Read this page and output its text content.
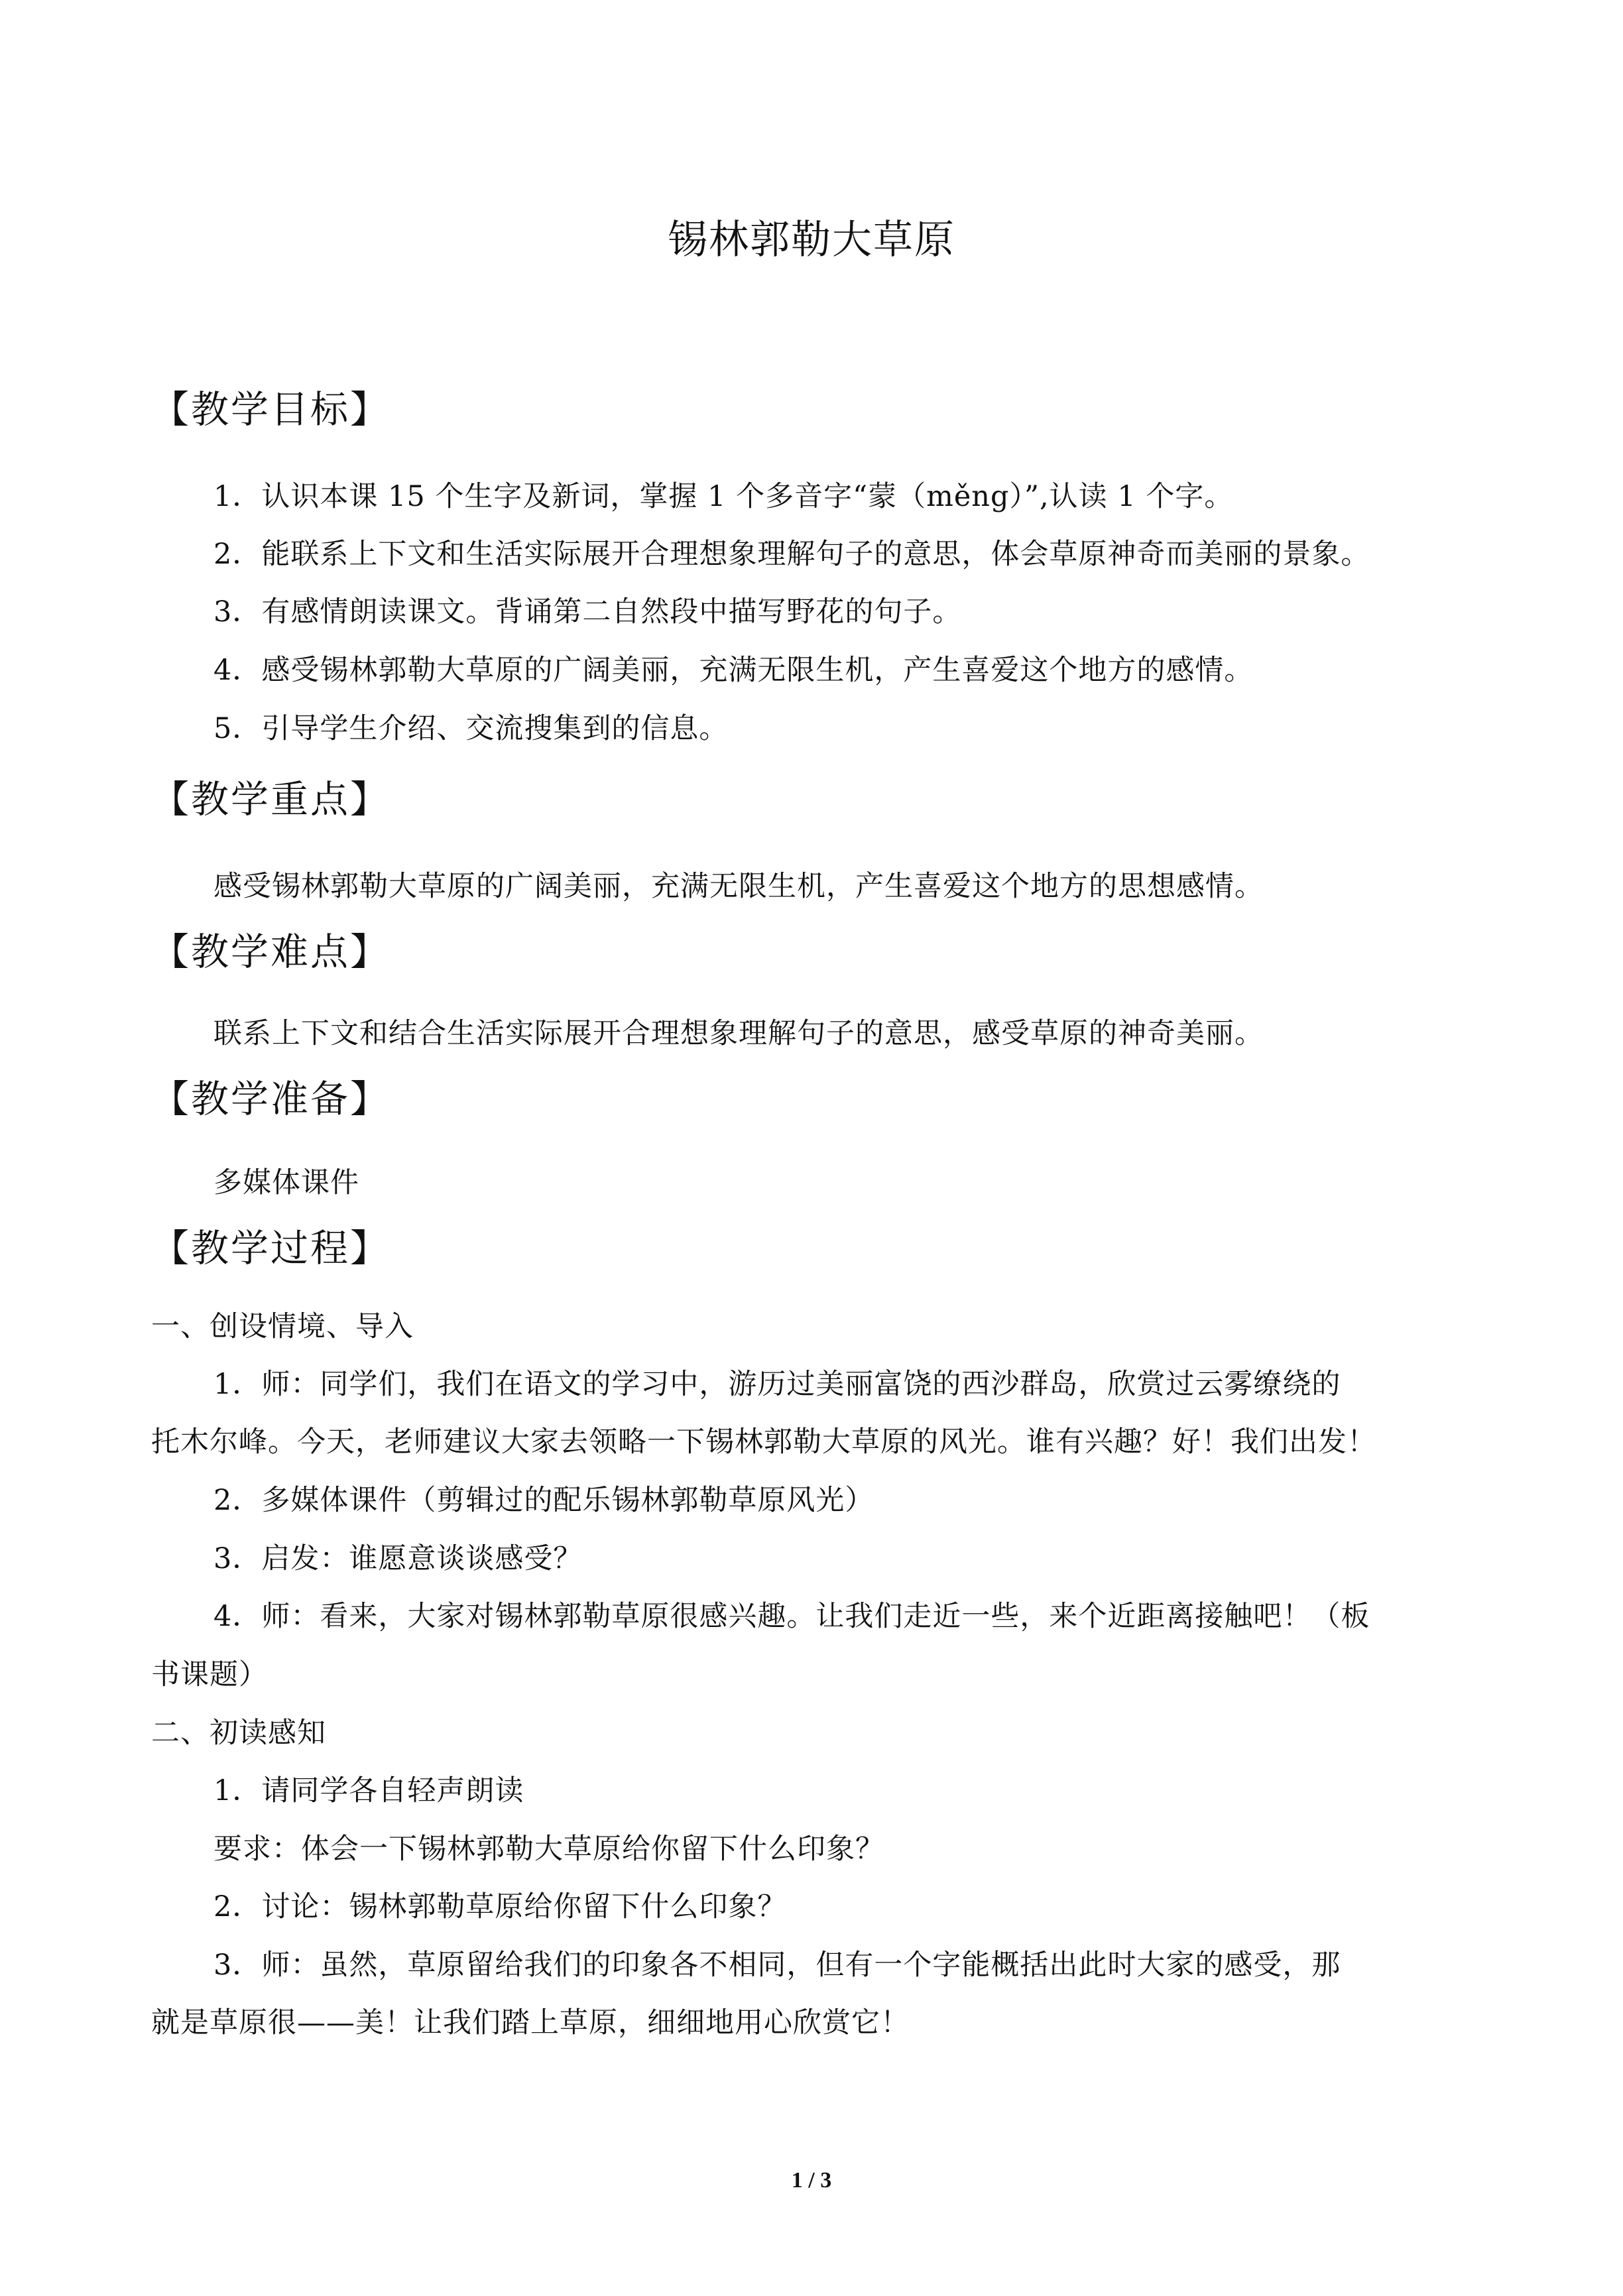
锡林郭勒大草原
【教学目标】
1．认识本课 15 个生字及新词，掌握 1 个多音字“蒙（měng）”,认读 1 个字。
2．能联系上下文和生活实际展开合理想象理解句子的意思，体会草原神奇而美丽的景象。
3．有感情朗读课文。背诵第二自然段中描写野花的句子。
4．感受锡林郭勒大草原的广阔美丽，充满无限生机，产生喜爱这个地方的感情。
5．引导学生介绍、交流搜集到的信息。
【教学重点】
感受锡林郭勒大草原的广阔美丽，充满无限生机，产生喜爱这个地方的思想感情。
【教学难点】
联系上下文和结合生活实际展开合理想象理解句子的意思，感受草原的神奇美丽。
【教学准备】
多媒体课件
【教学过程】
一、创设情境、导入
1．师：同学们，我们在语文的学习中，游历过美丽富饶的西沙群岛，欣赏过云雾缭绕的
托木尔峰。今天，老师建议大家去领略一下锡林郭勒大草原的风光。谁有兴趣？好！我们出发！
2．多媒体课件（剪辑过的配乐锡林郭勒草原风光）
3．启发：谁愿意谈谈感受？
4．师：看来，大家对锡林郭勒草原很感兴趣。让我们走近一些，来个近距离接触吧！（板
书课题）
二、初读感知
1．请同学各自轻声朗读
要求：体会一下锡林郭勒大草原给你留下什么印象？
2．讨论：锡林郭勒草原给你留下什么印象？
3．师：虽然，草原留给我们的印象各不相同，但有一个字能概括出此时大家的感受，那
就是草原很——美！让我们踏上草原，细细地用心欣赏它！
1 / 3
